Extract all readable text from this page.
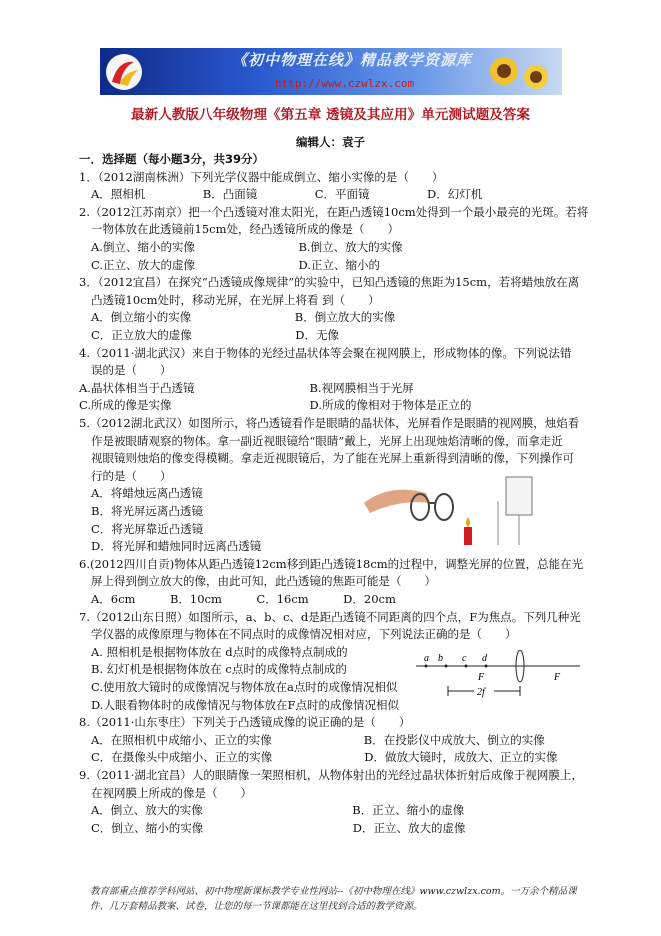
《初中物理在线》精品教学资源库
http://www.czwlzx.com
最新人教版八年级物理《第五章 透镜及其应用》单元测试题及答案
编辑人：袁子
一．选择题（每小题3分，共39分）
1．（2012湖南株洲）下列光学仪器中能成倒立、缩小实像的是（　　）
A．照相机　　　　　B．凸面镜　　　　　C．平面镜　　　　　D．幻灯机
2.（2012江苏南京）把一个凸透镜对准太阳光，在距凸透镜10cm处得到一个最小最亮的光斑。若将
一物体放在此透镜前15cm处，经凸透镜所成的像是（　　）
A.倒立、缩小的实像　　　　　　　　　B.倒立、放大的实像
C.正立、放大的虚像　　　　　　　　　D.正立、缩小的
3．（2012宜昌）在探究“凸透镜成像规律”的实验中，已知凸透镜的焦距为15cm，若将蜡烛放在离
凸透镜10cm处时，移动光屏，在光屏上将看 到（　　）
A．倒立缩小的实像　　　　　　　　　B．倒立放大的实像
C．正立放大的虚像　　　　　　　　　D．无像
4.（2011·湖北武汉）来自于物体的光经过晶状体等会聚在视网膜上，形成物体的像。下列说法错
误的是（　　）
A.晶状体相当于凸透镜　　　　　　　　　　B.视网膜相当于光屏
C.所成的像是实像　　　　　　　　　　　　D.所成的像相对于物体是正立的
5.（2012湖北武汉）如图所示，将凸透镜看作是眼睛的晶状体，光屏看作是眼睛的视网膜，烛焰看
作是被眼睛观察的物体。拿一副近视眼镜给“眼睛”戴上，光屏上出现烛焰清晰的像，而拿走近
视眼镜则烛焰的像变得模糊。拿走近视眼镜后，为了能在光屏上重新得到清晰的像，下列操作可
行的是（　　）
A．将蜡烛远离凸透镜
B．将光屏远离凸透镜
C．将光屏靠近凸透镜
D．将光屏和蜡烛同时远离凸透镜
6.(2012四川自贡)物体从距凸透镜12cm移到距凸透镜18cm的过程中，调整光屏的位置，总能在光
屏上得到倒立放大的像，由此可知，此凸透镜的焦距可能是（　　）
A．6cm　　　B．10cm　　　C．16cm　　　D．20cm
7.（2012山东日照）如图所示，a、b、c、d是距凸透镜不同距离的四个点，F为焦点。下列几种光
学仪器的成像原理与物体在不同点时的成像情况相对应，下列说法正确的是（　　）
A. 照相机是根据物体放在 d点时的成像特点制成的
B. 幻灯机是根据物体放在 c点时的成像特点制成的
C.使用放大镜时的成像情况与物体放在a点时的成像情况相似
D.人眼看物体时的成像情况与物体放在F点时的成像情况相似
8.（2011·山东枣庄）下列关于凸透镜成像的说正确的是（　　）
A．在照相机中成缩小、正立的实像　　　　　　　　B．在投影仪中成放大、倒立的实像
C．在摄像头中成缩小、正立的实像　　　　　　　　D．做放大镜时，成放大、正立的实像
9.（2011·湖北宜昌）人的眼睛像一架照相机，从物体射出的光经过晶状体折射后成像于视网膜上，
在视网膜上所成的像是（　　）
A．倒立、放大的实像　　　　　　　　　　　　　B．正立、缩小的虚像
C．倒立、缩小的实像　　　　　　　　　　　　　D．正立、放大的虚像
a b c d
F
2f
F
教育部重点推荐学科网站、初中物理新课标教学专业性网站--《初中物理在线》www.czwlzx.com。一万余个精品课件、几万套精品教案、试卷，让您的每一节课都能在这里找到合适的教学资源。
